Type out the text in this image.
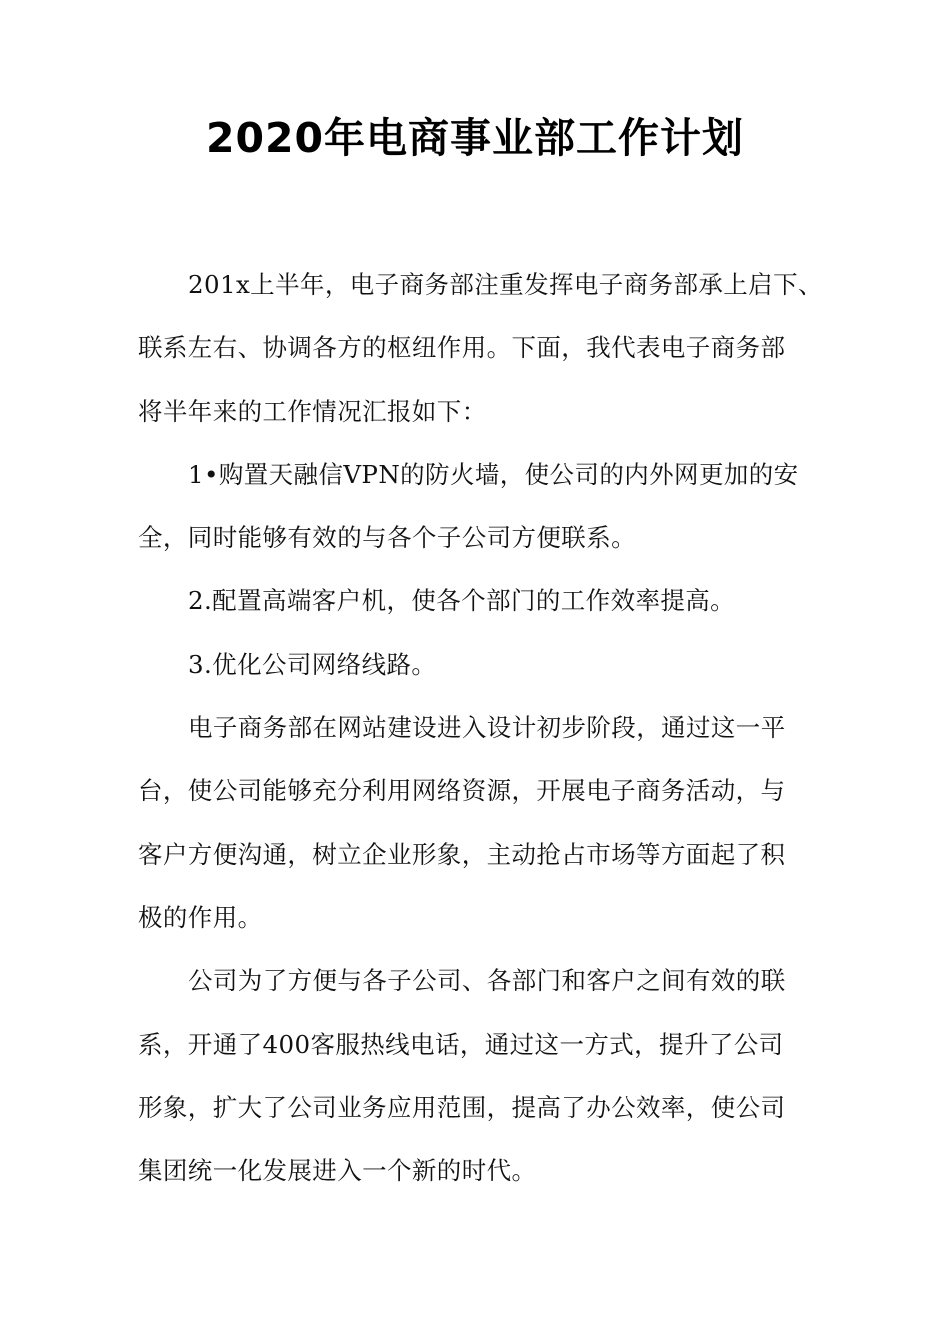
2020年电商事业部工作计划

201x上半年，电子商务部注重发挥电子商务部承上启下、
联系左右、协调各方的枢纽作用。下面，我代表电子商务部
将半年来的工作情况汇报如下：

1•购置天融信VPN的防火墙，使公司的内外网更加的安
全，同时能够有效的与各个子公司方便联系。

2.配置高端客户机，使各个部门的工作效率提高。

3.优化公司网络线路。

电子商务部在网站建设进入设计初步阶段，通过这一平
台，使公司能够充分利用网络资源，开展电子商务活动，与
客户方便沟通，树立企业形象，主动抢占市场等方面起了积
极的作用。

公司为了方便与各子公司、各部门和客户之间有效的联
系，开通了400客服热线电话，通过这一方式，提升了公司
形象，扩大了公司业务应用范围，提高了办公效率，使公司
集团统一化发展进入一个新的时代。
